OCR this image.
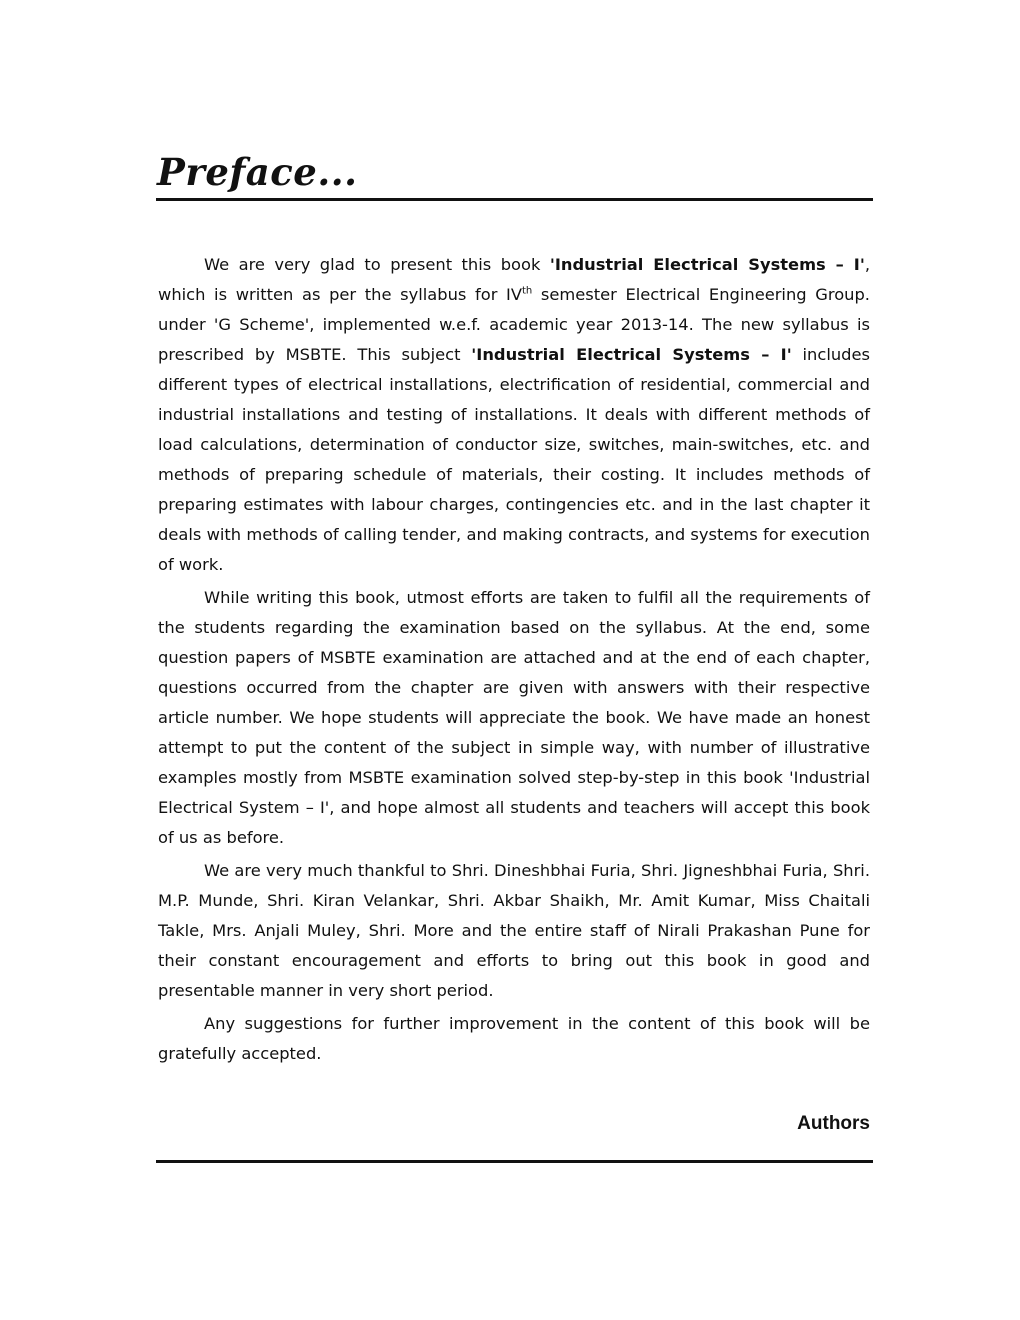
Preface...

We are very glad to present this book 'Industrial Electrical Systems – I', which is written as per the syllabus for IVth semester Electrical Engineering Group. under 'G Scheme', implemented w.e.f. academic year 2013-14. The new syllabus is prescribed by MSBTE. This subject 'Industrial Electrical Systems – I' includes different types of electrical installations, electrification of residential, commercial and industrial installations and testing of installations. It deals with different methods of load calculations, determination of conductor size, switches, main-switches, etc. and methods of preparing schedule of materials, their costing. It includes methods of preparing estimates with labour charges, contingencies etc. and in the last chapter it deals with methods of calling tender, and making contracts, and systems for execution of work.

While writing this book, utmost efforts are taken to fulfil all the requirements of the students regarding the examination based on the syllabus. At the end, some question papers of MSBTE examination are attached and at the end of each chapter, questions occurred from the chapter are given with answers with their respective article number. We hope students will appreciate the book. We have made an honest attempt to put the content of the subject in simple way, with number of illustrative examples mostly from MSBTE examination solved step-by-step in this book 'Industrial Electrical System – I', and hope almost all students and teachers will accept this book of us as before.

We are very much thankful to Shri. Dineshbhai Furia, Shri. Jigneshbhai Furia, Shri. M.P. Munde, Shri. Kiran Velankar, Shri. Akbar Shaikh, Mr. Amit Kumar, Miss Chaitali Takle, Mrs. Anjali Muley, Shri. More and the entire staff of Nirali Prakashan Pune for their constant encouragement and efforts to bring out this book in good and presentable manner in very short period.

Any suggestions for further improvement in the content of this book will be gratefully accepted.

Authors
